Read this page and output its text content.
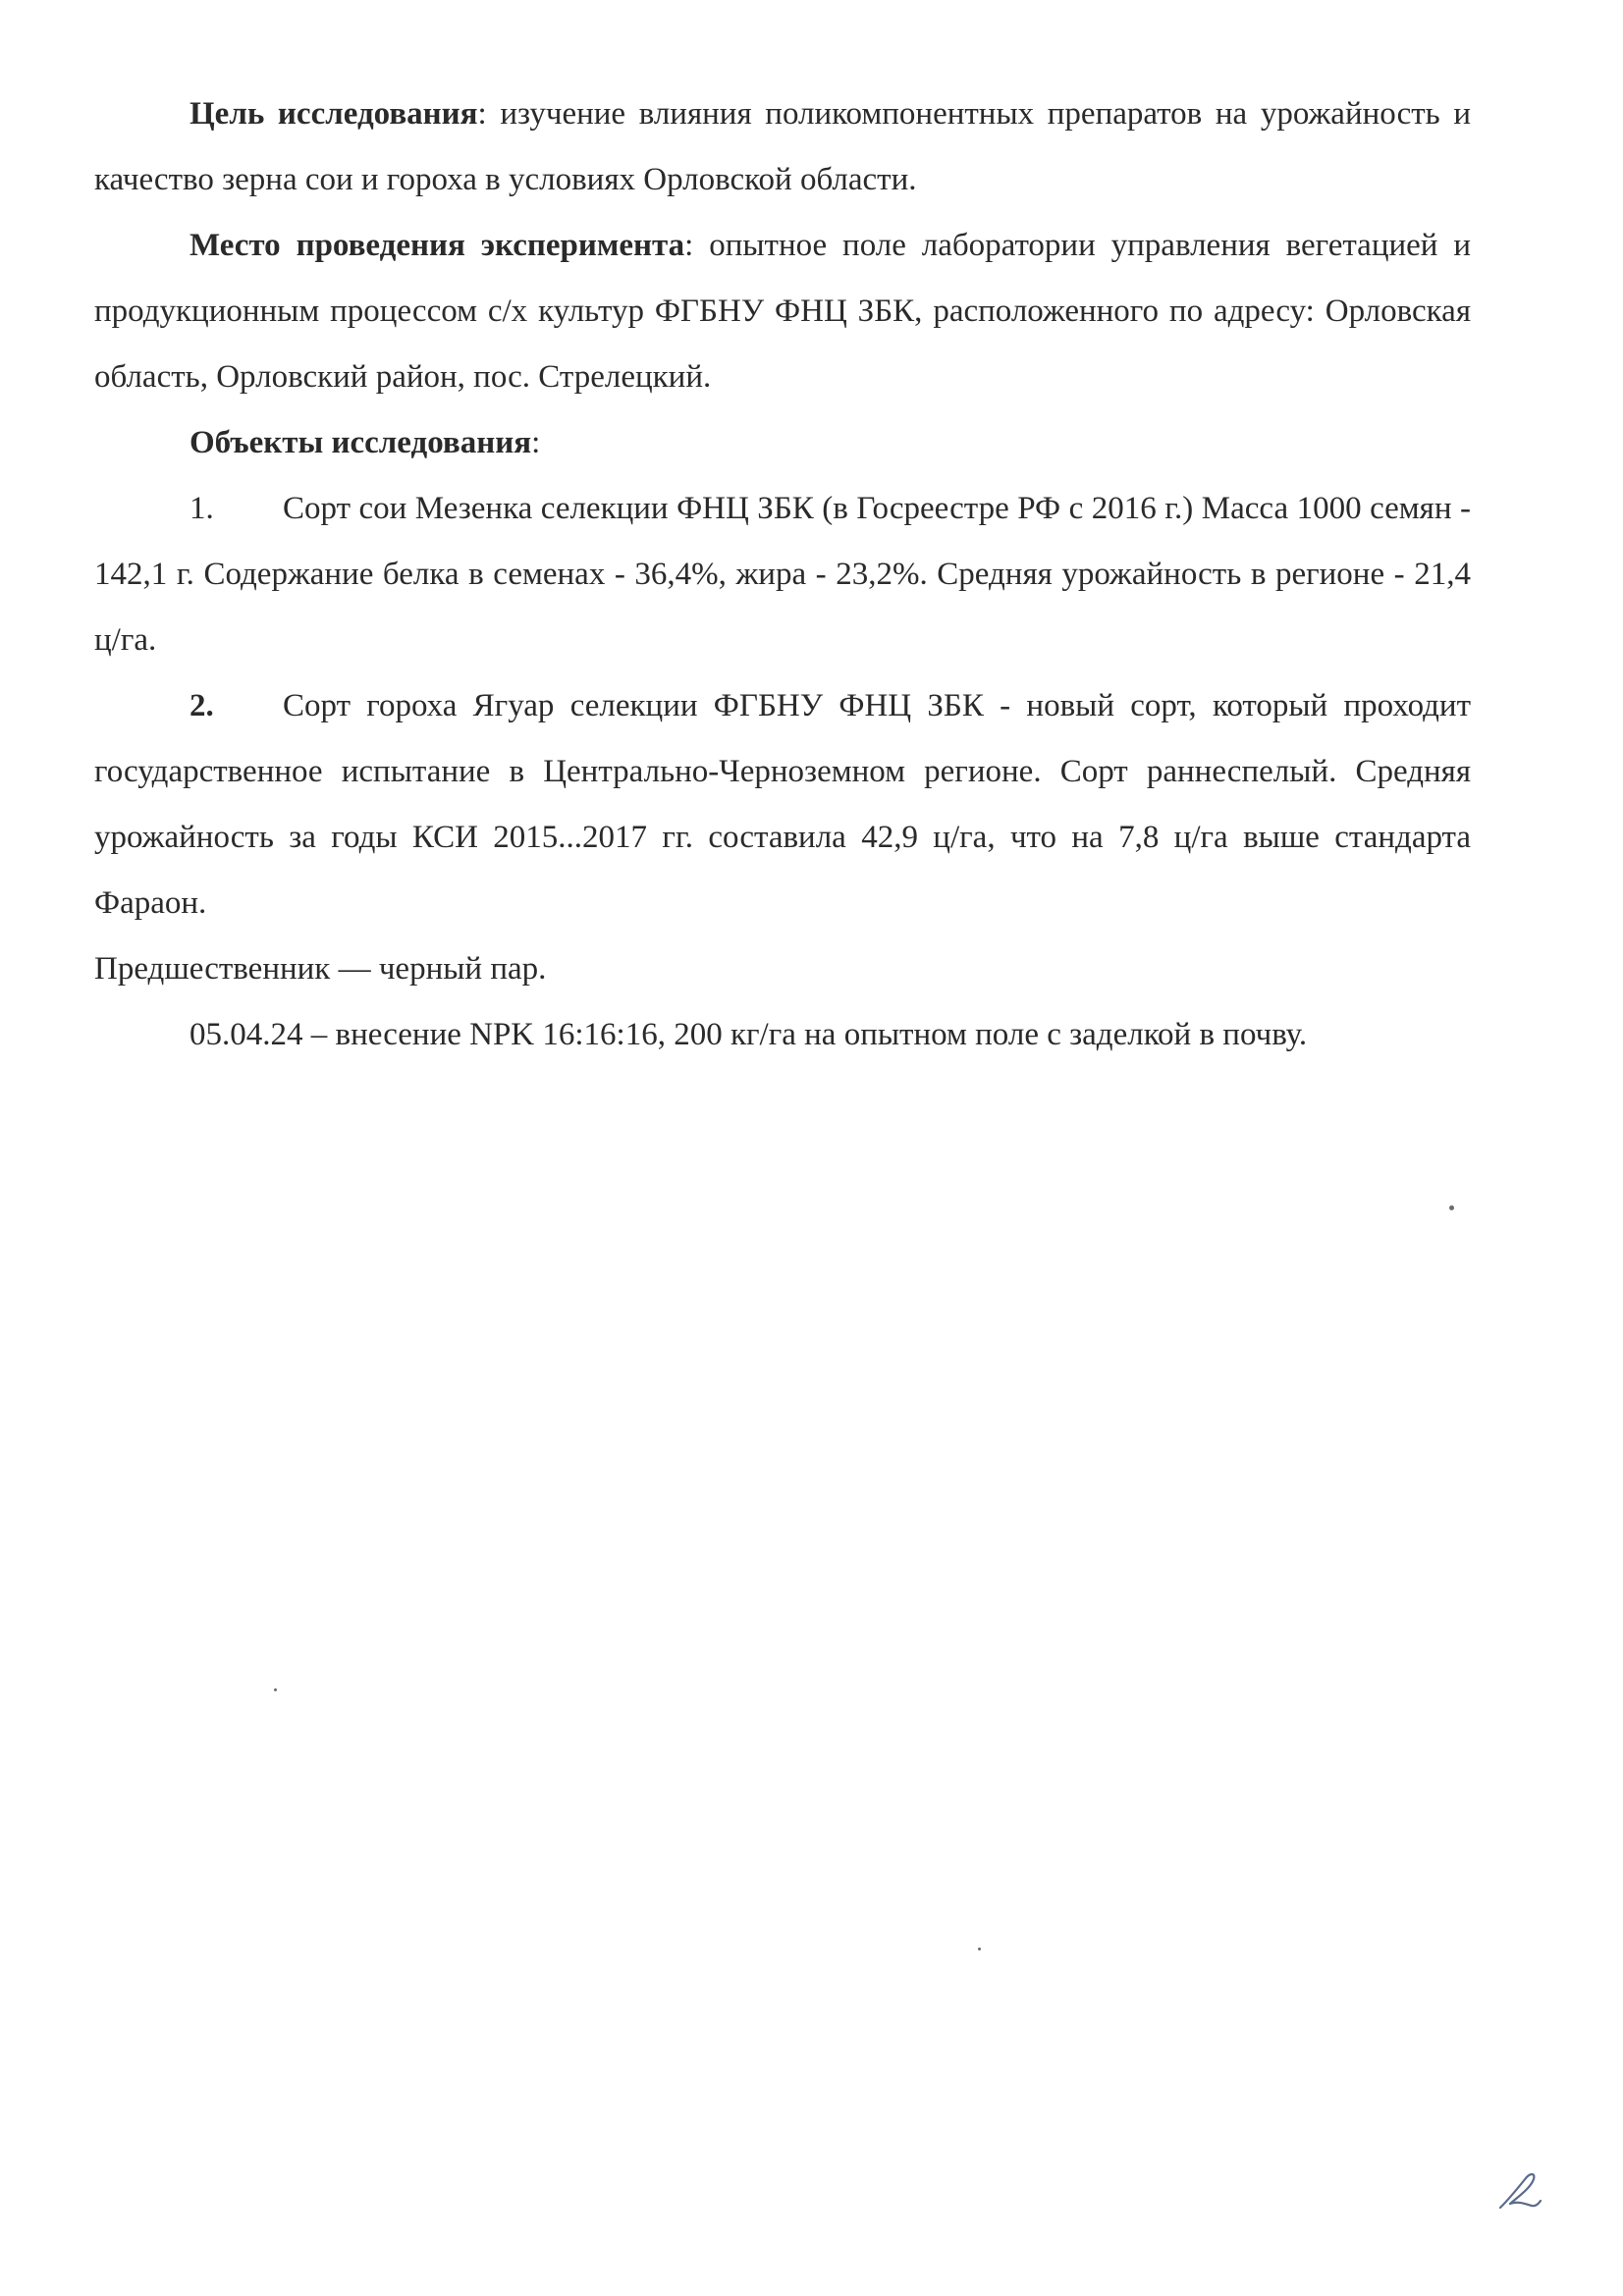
Цель исследования: изучение влияния поликомпонентных препаратов на урожайность и качество зерна сои и гороха в условиях Орловской области.

Место проведения эксперимента: опытное поле лаборатории управления вегетацией и продукционным процессом с/х культур ФГБНУ ФНЦ ЗБК, расположенного по адресу: Орловская область, Орловский район, пос. Стрелецкий.

Объекты исследования:

1. Сорт сои Мезенка селекции ФНЦ ЗБК (в Госреестре РФ с 2016 г.) Масса 1000 семян - 142,1 г. Содержание белка в семенах - 36,4%, жира - 23,2%. Средняя урожайность в регионе - 21,4 ц/га.

2. Сорт гороха Ягуар селекции ФГБНУ ФНЦ ЗБК - новый сорт, который проходит государственное испытание в Центрально-Черноземном регионе. Сорт раннеспелый. Средняя урожайность за годы КСИ 2015...2017 гг. составила 42,9 ц/га, что на 7,8 ц/га выше стандарта Фараон.

Предшественник — черный пар.

05.04.24 – внесение NPK 16:16:16, 200 кг/га на опытном поле с заделкой в почву.
